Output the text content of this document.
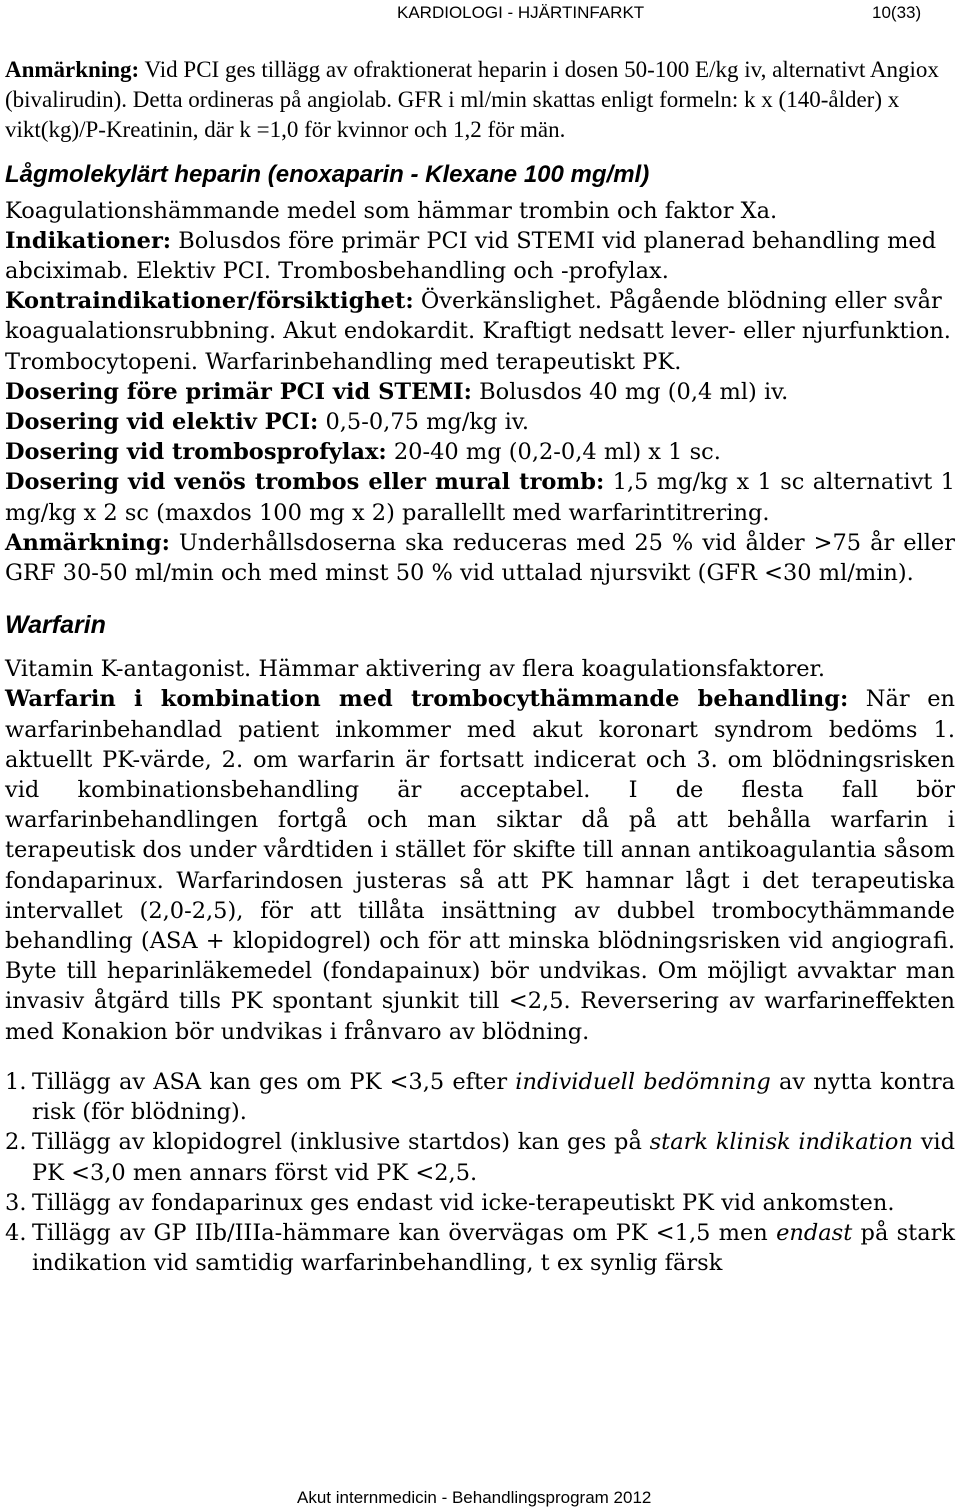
KARDIOLOGI - HJÄRTINFARKT	10(33)

Anmärkning: Vid PCI ges tillägg av ofraktionerat heparin i dosen 50-100 E/kg iv, alternativt Angiox (bivalirudin). Detta ordineras på angiolab. GFR i ml/min skattas enligt formeln: k x (140-ålder) x vikt(kg)/P-Kreatinin, där k =1,0 för kvinnor och 1,2 för män.

Lågmolekylärt heparin (enoxaparin - Klexane 100 mg/ml)

Koagulationshämmande medel som hämmar trombin och faktor Xa.

Indikationer: Bolusdos före primär PCI vid STEMI vid planerad behandling med abciximab. Elektiv PCI. Trombosbehandling och -profylax.

Kontraindikationer/försiktighet: Överkänslighet. Pågående blödning eller svår koagualationsrubbning. Akut endokardit. Kraftigt nedsatt lever- eller njurfunktion. Trombocytopeni. Warfarinbehandling med terapeutiskt PK.

Dosering före primär PCI vid STEMI: Bolusdos 40 mg (0,4 ml) iv.

Dosering vid elektiv PCI: 0,5-0,75 mg/kg iv.

Dosering vid trombosprofylax: 20-40 mg (0,2-0,4 ml) x 1 sc.

Dosering vid venös trombos eller mural tromb: 1,5 mg/kg x 1 sc alternativt 1 mg/kg x 2 sc (maxdos 100 mg x 2) parallellt med warfarintitrering.

Anmärkning: Underhållsdoserna ska reduceras med 25 % vid ålder >75 år eller GRF 30-50 ml/min och med minst 50 % vid uttalad njursvikt (GFR <30 ml/min).

Warfarin

Vitamin K-antagonist. Hämmar aktivering av flera koagulationsfaktorer.

Warfarin i kombination med trombocythämmande behandling: När en warfarinbehandlad patient inkommer med akut koronart syndrom bedöms 1. aktuellt PK-värde, 2. om warfarin är fortsatt indicerat och 3. om blödningsrisken vid kombinationsbehandling är acceptabel. I de flesta fall bör warfarinbehandlingen fortgå och man siktar då på att behålla warfarin i terapeutisk dos under vårdtiden i stället för skifte till annan antikoagulantia såsom fondaparinux. Warfarindosen justeras så att PK hamnar lågt i det terapeutiska intervallet (2,0-2,5), för att tillåta insättning av dubbel trombocythämmande behandling (ASA + klopidogrel) och för att minska blödningsrisken vid angiografi. Byte till heparinläkemedel (fondapainux) bör undvikas. Om möjligt avvaktar man invasiv åtgärd tills PK spontant sjunkit till <2,5. Reversering av warfarineffekten med Konakion bör undvikas i frånvaro av blödning.

1. Tillägg av ASA kan ges om PK <3,5 efter individuell bedömning av nytta kontra risk (för blödning).
2. Tillägg av klopidogrel (inklusive startdos) kan ges på stark klinisk indikation vid PK <3,0 men annars först vid PK <2,5.
3. Tillägg av fondaparinux ges endast vid icke-terapeutiskt PK vid ankomsten.
4. Tillägg av GP IIb/IIIa-hämmare kan övervägas om PK <1,5 men endast på stark indikation vid samtidig warfarinbehandling, t ex synlig färsk
Akut internmedicin - Behandlingsprogram 2012
